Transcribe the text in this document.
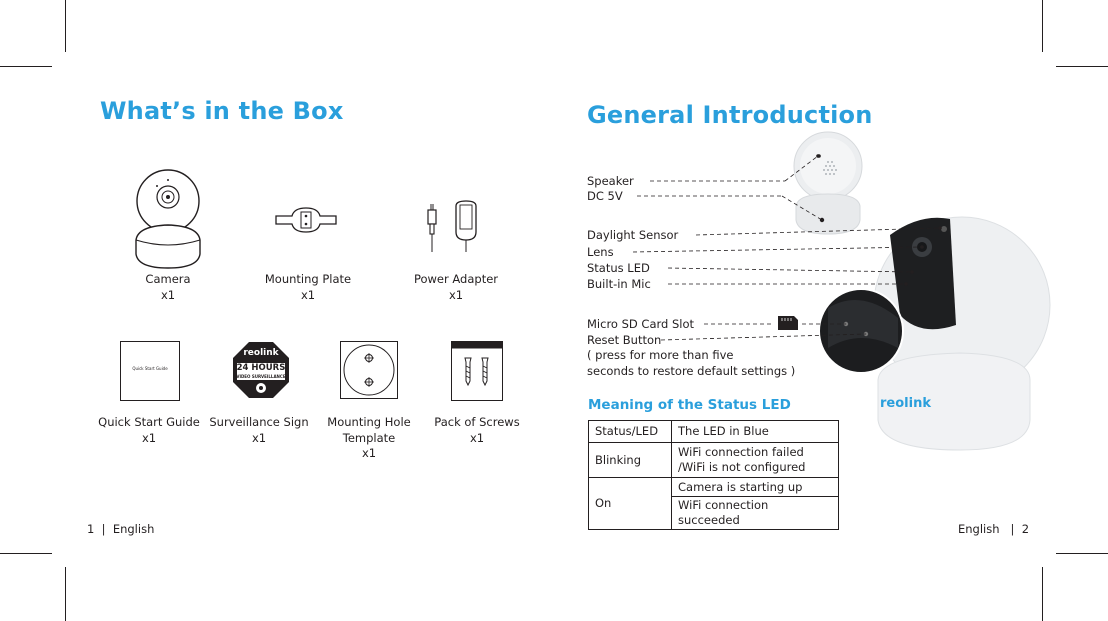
What’s in the Box
Camera
x1
Mounting Plate
x1
Power Adapter
x1
Quick Start Guide
Quick Start Guide
x1
reolink
24 HOURS
VIDEO SURVEILLANCE
Surveillance Sign
x1
Mounting Hole
Template
x1
Pack of Screws
x1
1 | English
General Introduction
reolink
Speaker
DC 5V
Daylight Sensor
Lens
Status LED
Built-in Mic
Micro SD Card Slot
Reset Button
( press for more than five
seconds to restore default settings )
Meaning of the Status LED
Status/LED	The LED in Blue
Blinking	WiFi connection failed
/WiFi is not configured

On	Camera is starting up
	WiFi connection succeeded
English | 2
